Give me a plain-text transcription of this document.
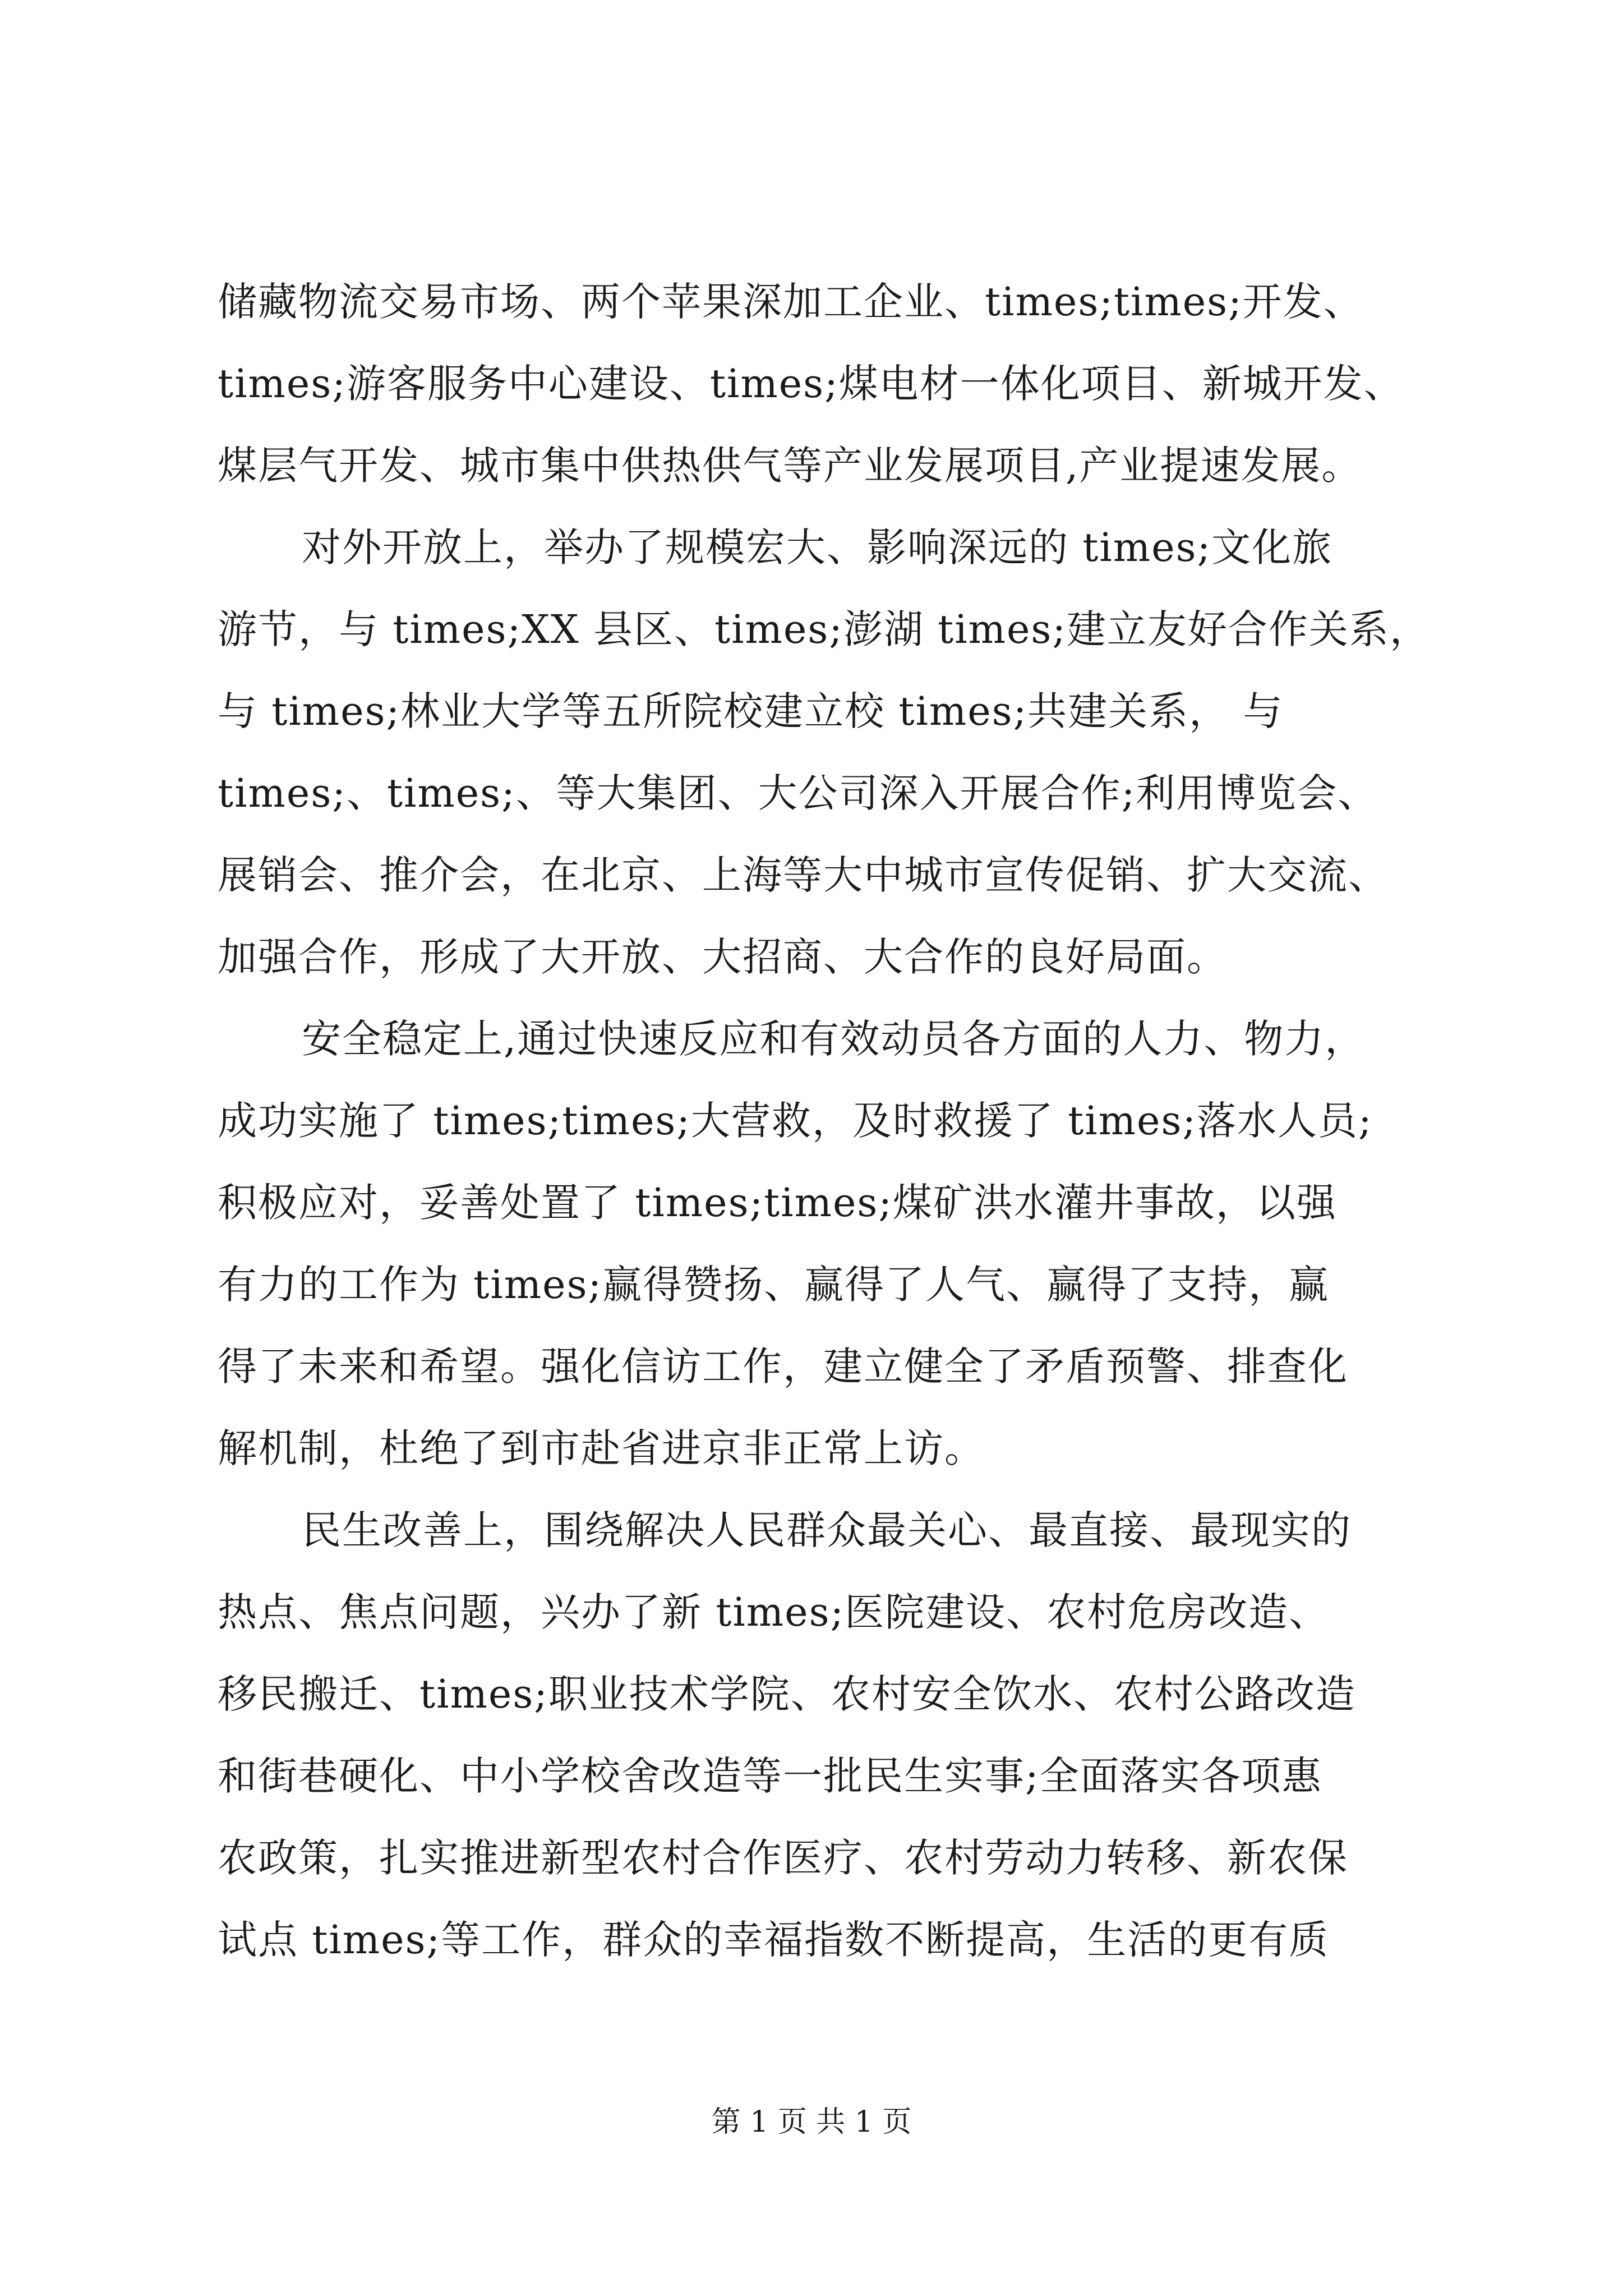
储藏物流交易市场、两个苹果深加工企业、times;times;开发、
times;游客服务中心建设、times;煤电材一体化项目、新城开发、
煤层气开发、城市集中供热供气等产业发展项目,产业提速发展。
对外开放上，举办了规模宏大、影响深远的 times;文化旅
游节，与 times;XX 县区、times;澎湖 times;建立友好合作关系，
与 times;林业大学等五所院校建立校 times;共建关系， 与
times;、times;、等大集团、大公司深入开展合作;利用博览会、
展销会、推介会，在北京、上海等大中城市宣传促销、扩大交流、
加强合作，形成了大开放、大招商、大合作的良好局面。
安全稳定上,通过快速反应和有效动员各方面的人力、物力，
成功实施了 times;times;大营救，及时救援了 times;落水人员;
积极应对，妥善处置了 times;times;煤矿洪水灌井事故，以强
有力的工作为 times;赢得赞扬、赢得了人气、赢得了支持，赢
得了未来和希望。强化信访工作，建立健全了矛盾预警、排查化
解机制，杜绝了到市赴省进京非正常上访。
民生改善上，围绕解决人民群众最关心、最直接、最现实的
热点、焦点问题，兴办了新 times;医院建设、农村危房改造、
移民搬迁、times;职业技术学院、农村安全饮水、农村公路改造
和街巷硬化、中小学校舍改造等一批民生实事;全面落实各项惠
农政策，扎实推进新型农村合作医疗、农村劳动力转移、新农保
试点 times;等工作，群众的幸福指数不断提高，生活的更有质
第 1 页 共 1 页
